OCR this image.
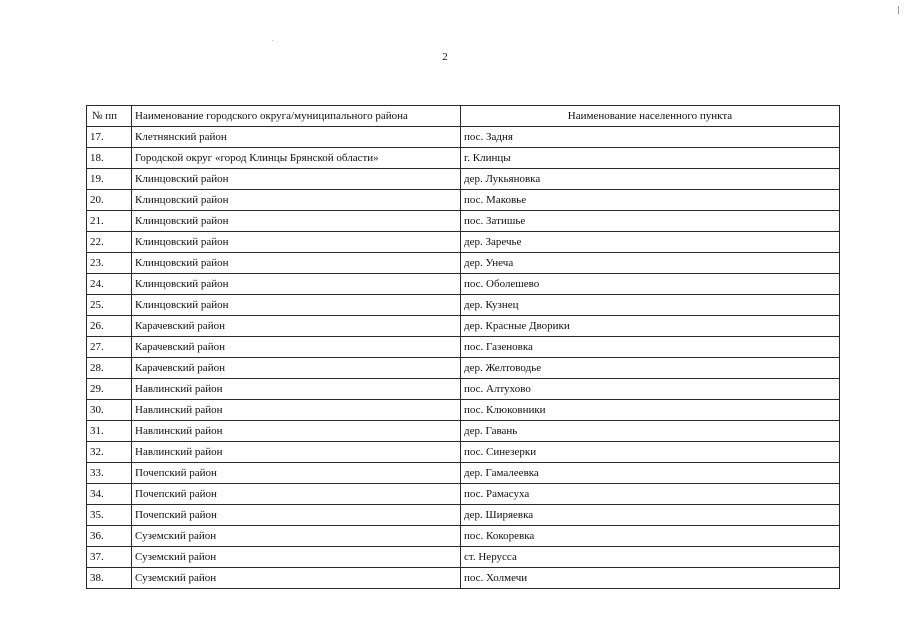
2
№ пп	Наименование городского округа/муниципального района	Наименование населенного пункта
17.	Клетнянский район	пос. Задня
18.	Городской округ «город Клинцы Брянской области»	г. Клинцы
19.	Клинцовский район	дер. Лукьяновка
20.	Клинцовский район	пос. Маковье
21.	Клинцовский район	пос. Затишье
22.	Клинцовский район	дер. Заречье
23.	Клинцовский район	дер. Унеча
24.	Клинцовский район	пос. Оболешево
25.	Клинцовский район	дер. Кузнец
26.	Карачевский район	дер. Красные Дворики
27.	Карачевский район	пос. Газеновка
28.	Карачевский район	дер. Желтоводье
29.	Навлинский район	пос. Алтухово
30.	Навлинский район	пос. Клюковники
31.	Навлинский район	дер. Гавань
32.	Навлинский район	пос. Синезерки
33.	Почепский район	дер. Гамалеевка
34.	Почепский район	пос. Рамасуха
35.	Почепский район	дер. Ширяевка
36.	Суземский район	пос. Кокоревка
37.	Суземский район	ст. Нерусса
38.	Суземский район	пос. Холмечи
